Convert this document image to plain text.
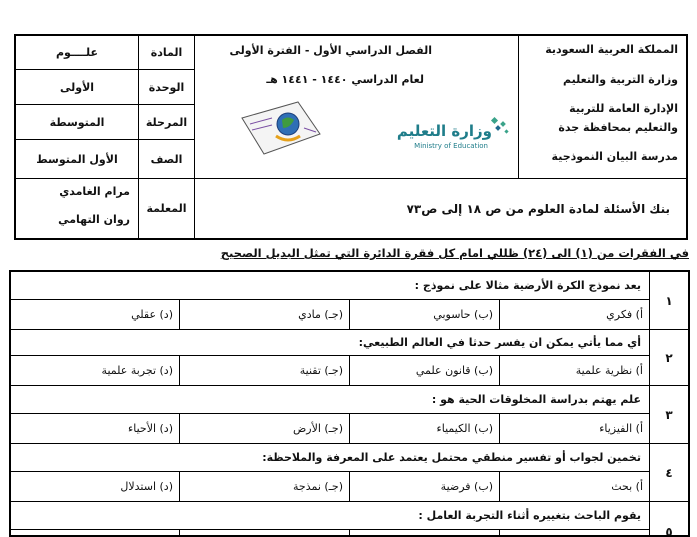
المملكة العربية السعودية
وزارة التربية والتعليم
الإدارة العامة للتربية
والتعليم بمحافظة جدة
مدرسة البيان النموذجية
الفصل الدراسي الأول - الفترة الأولى
لعام الدراسي ١٤٤٠ - ١٤٤١ هـ
وزارة التعليم
Ministry of Education
المادة
الوحدة
المرحلة
الصف
علــــوم
الأولى
المتوسطة
الأول المتوسط
بنك الأسئلة لمادة العلوم من ص ١٨ إلى ص٧٣
المعلمة
مرام الغامدي
روان التهامي
في الفقرات من (١) الى (٢٤) ظللي امام كل فقرة الدائرة التي تمثل البديل الصحيح
١
يعد نموذج الكرة الأرضية مثالا على نموذج :
أ) فكري
(ب) حاسوبي
(جـ) مادي
(د) عقلي
٢
أي مما يأتي يمكن ان يفسر حدثا في العالم الطبيعي:
أ) نظرية علمية
(ب) قانون علمي
(جـ) تقنية
(د) تجربة علمية
٣
علم يهتم بدراسة المخلوقات الحية هو :
أ) الفيزياء
(ب) الكيمياء
(جـ) الأرض
(د) الأحياء
٤
تخمين لجواب أو تفسير منطقي محتمل يعتمد على المعرفة والملاحظة:
أ) بحث
(ب) فرضية
(جـ) نمذجة
(د) استدلال
٥
يقوم الباحث بتغييره أثناء التجربة العامل :
